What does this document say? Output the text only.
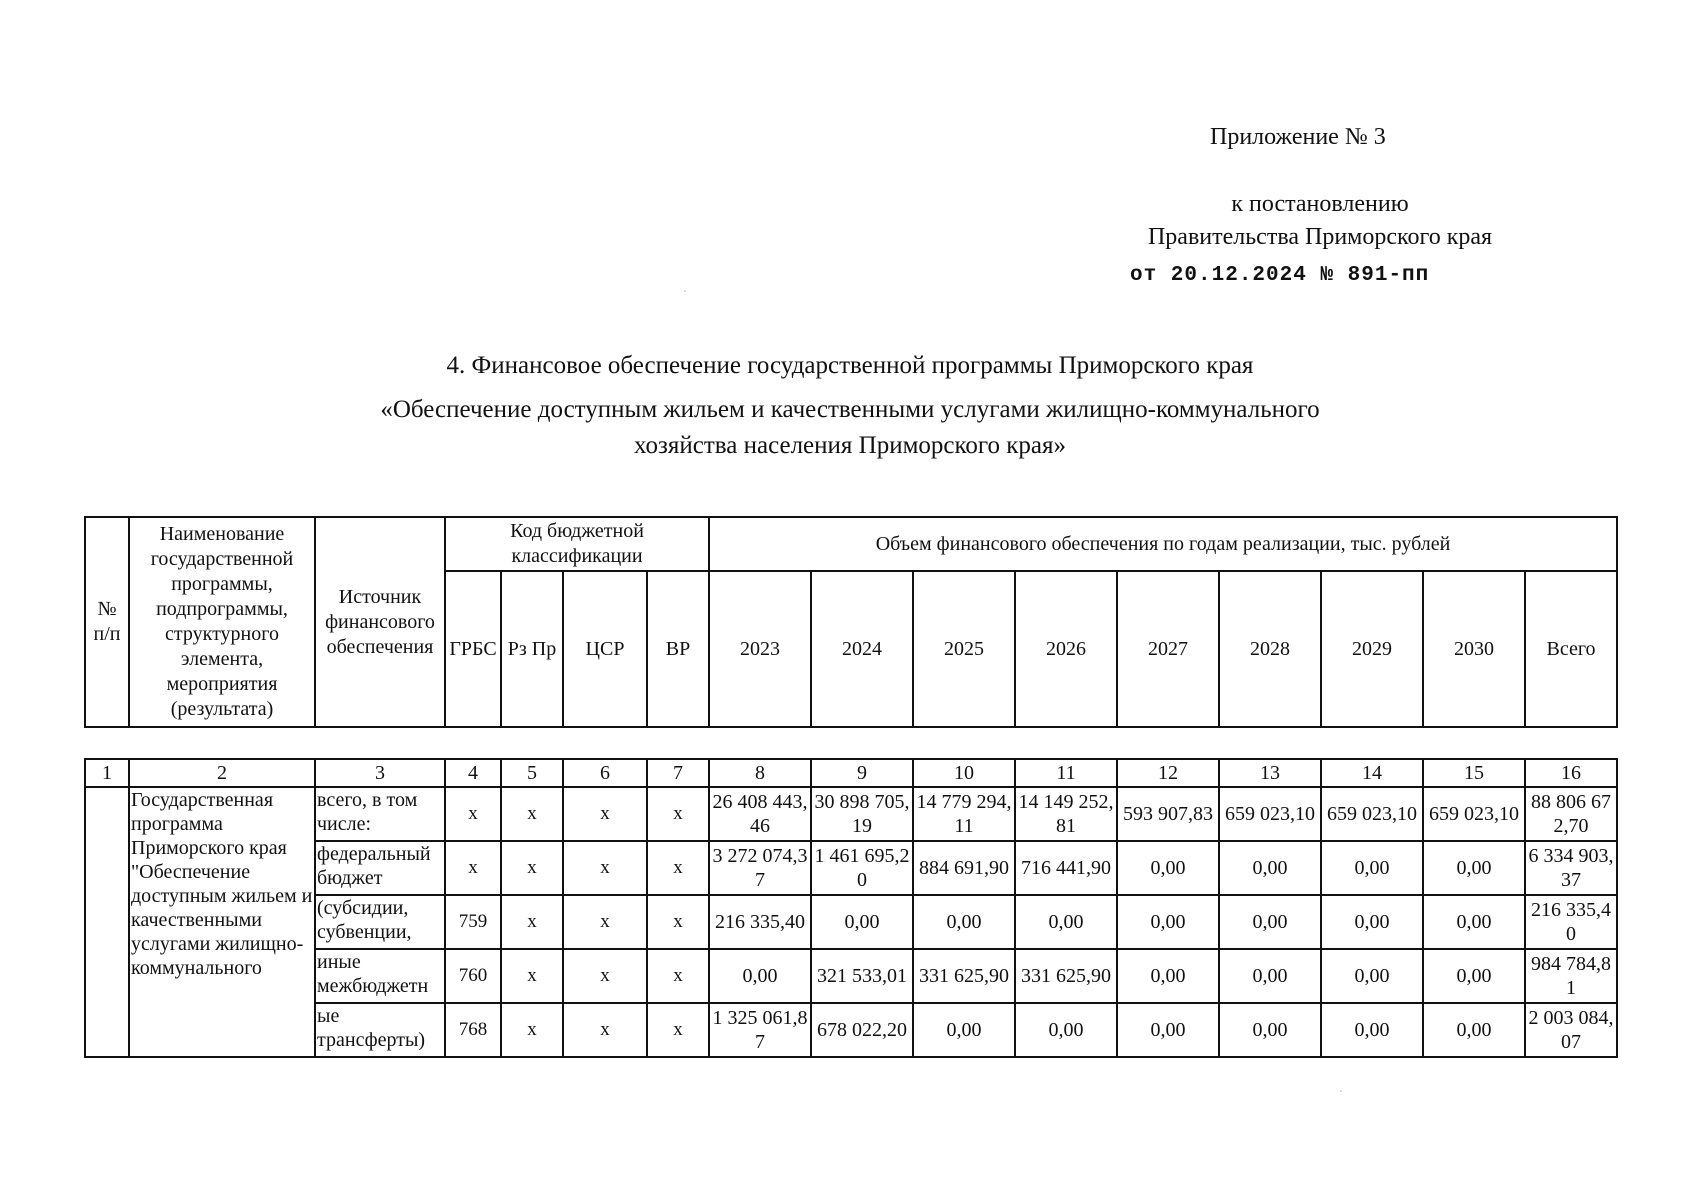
Приложение № 3
к постановлению
Правительства Приморского края
от 20.12.2024 № 891-пп
4. Финансовое обеспечение государственной программы Приморского края
«Обеспечение доступным жильем и качественными услугами жилищно-коммунального
хозяйства населения Приморского края»
№ п/п	Наименование государственной программы, подпрограммы, структурного элемента, мероприятия (результата)	Источник финансового обеспечения	Код бюджетной классификации				Объем финансового обеспечения по годам реализации, тыс. рублей								
			ГРБС	Рз Пр	ЦСР	ВР	2023	2024	2025	2026	2027	2028	2029	2030	Всего
1	2	3	4	5	6	7	8	9	10	11	12	13	14	15	16
	Государственная программа Приморского края "Обеспечение доступным жильем и качественными услугами жилищно-коммунального	всего, в том числе:	x	x	x	x	26 408 443,46	30 898 705,19	14 779 294,11	14 149 252,81	593 907,83	659 023,10	659 023,10	659 023,10	88 806 672,70
		федеральный бюджет	x	x	x	x	3 272 074,37	1 461 695,20	884 691,90	716 441,90	0,00	0,00	0,00	0,00	6 334 903,37
		(субсидии, субвенции,	759	x	x	x	216 335,40	0,00	0,00	0,00	0,00	0,00	0,00	0,00	216 335,40
		иные межбюджетн	760	x	x	x	0,00	321 533,01	331 625,90	331 625,90	0,00	0,00	0,00	0,00	984 784,81
		ые трансферты)	768	x	x	x	1 325 061,87	678 022,20	0,00	0,00	0,00	0,00	0,00	0,00	2 003 084,07
